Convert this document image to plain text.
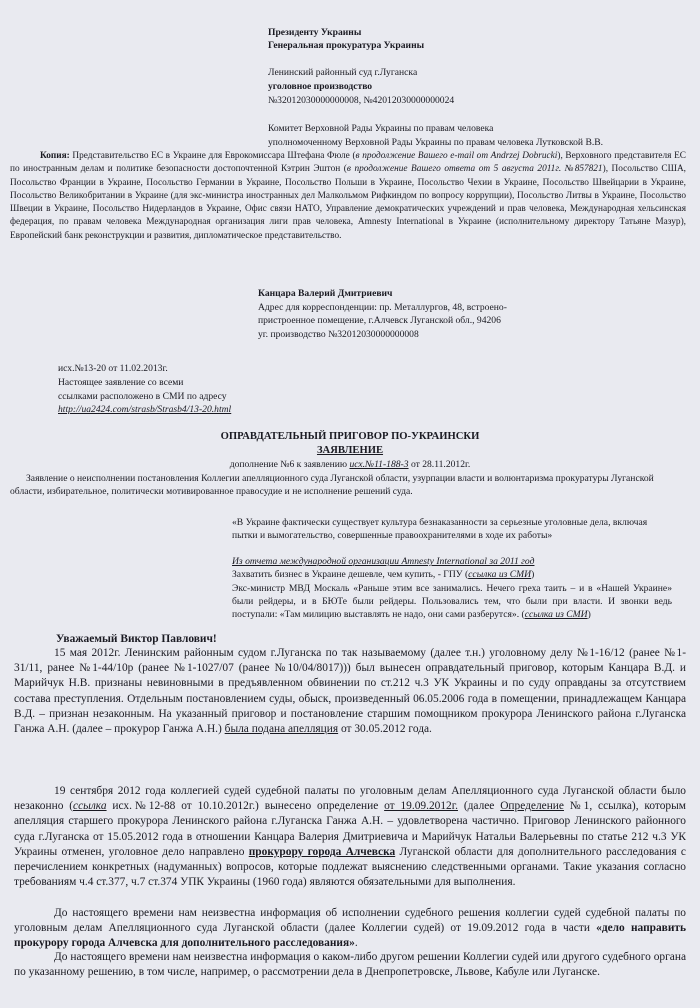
Президенту Украины
Генеральная прокуратура Украины
Ленинский районный суд г.Луганска
уголовное производство
№32012030000000008, №42012030000000024
Комитет Верховной Рады Украины по правам человека
уполномоченному Верховной Рады Украины по правам человека Лутковской В.В.
Копия: Представительство ЕС в Украине для Еврокомиссара Штефана Фюле (в продолжение Вашего e-mail от Andrzej Dobrucki), Верховного представителя ЕС по иностранным делам и политике безопасности достопочтенной Кэтрин Эштон (в продолжение Вашего ответа от 5 августа 2011г. №857821), Посольство США, Посольство Франции в Украине, Посольство Германии в Украине, Посольство Польши в Украине, Посольство Чехии в Украине, Посольство Швейцарии в Украине, Посольство Великобритании в Украине (для экс-министра иностранных дел Малкольмом Рифкиндом по вопросу коррупции), Посольство Литвы в Украине, Посольство Швеции в Украине, Посольство Нидерландов в Украине, Офис связи НАТО, Управление демократических учреждений и прав человека, Международная хельсинская федерация, по правам человека Международная организация лиги прав человека, Amnesty International в Украине (исполнительному директору Татьяне Мазур), Европейский банк реконструкции и развития, дипломатическое представительство.
Канцара Валерий Дмитриевич
Адрес для корреспонденции: пр. Металлургов, 48, встроено-
пристроенное помещение, г.Алчевск Луганской обл., 94206
уг. производство №32012030000000008
исх.№13-20 от 11.02.2013г.
Настоящее заявление со всеми
ссылками расположено в СМИ по адресу
http://ua2424.com/strasb/Strasb4/13-20.html
ОПРАВДАТЕЛЬНЫЙ ПРИГОВОР ПО-УКРАИНСКИ
ЗАЯВЛЕНИЕ
дополнение №6 к заявлению исх.№11-188-3 от 28.11.2012г.
Заявление о неисполнении постановления Коллегии апелляционного суда Луганской области, узурпации власти и волюнтаризма прокуратуры Луганской области, избирательное, политически мотивированное правосудие и не исполнение решений суда.
«В Украине фактически существует культура безнаказанности за серьезные уголовные дела, включая пытки и вымогательство, совершенные правоохранителями в ходе их работы»
Из отчета международной организации Amnesty International за 2011 год
Захватить бизнес в Украине дешевле, чем купить, - ГПУ (ссылка из СМИ)
Экс-министр МВД Москаль «Раньше этим все занимались. Нечего греха таить – и в «Нашей Украине» были рейдеры, и в БЮТе были рейдеры. Пользовались тем, что были при власти. И звонки ведь поступали: «Там милицию выставлять не надо, они сами разберутся». (ссылка из СМИ)
Уважаемый Виктор Павлович!
15 мая 2012г. Ленинским районным судом г.Луганска по так называемому (далее т.н.) уголовному делу №1-16/12 (ранее №1-31/11, ранее №1-44/10р (ранее №1-1027/07 (ранее №10/04/8017))) был вынесен оправдательный приговор, которым Канцара В.Д. и Марийчук Н.В. признаны невиновными в предъявленном обвинении по ст.212 ч.3 УК Украины и по суду оправданы за отсутствием состава преступления. Отдельным постановлением суды, обыск, произведенный 06.05.2006 года в помещении, принадлежащем Канцара В.Д. – признан незаконным. На указанный приговор и постановление старшим помощником прокурора Ленинского района г.Луганска Ганжа А.Н. (далее – прокурор Ганжа А.Н.) была подана апелляция от 30.05.2012 года.
19 сентября 2012 года коллегией судей судебной палаты по уголовным делам Апелляционного суда Луганской области было незаконно (ссылка исх.№12-88 от 10.10.2012г.) вынесено определение от 19.09.2012г. (далее Определение №1, ссылка), которым апелляция старшего прокурора Ленинского района г.Луганска Ганжа А.Н. – удовлетворена частично. Приговор Ленинского районного суда г.Луганска от 15.05.2012 года в отношении Канцара Валерия Дмитриевича и Марийчук Натальи Валерьевны по статье 212 ч.3 УК Украины отменен, уголовное дело направлено прокурору города Алчевска Луганской области для дополнительного расследования с перечислением конкретных (надуманных) вопросов, которые подлежат выяснению следственными органами. Такие указания согласно требованиям ч.4 ст.377, ч.7 ст.374 УПК Украины (1960 года) являются обязательными для выполнения.
До настоящего времени нам неизвестна информация об исполнении судебного решения коллегии судей судебной палаты по уголовным делам Апелляционного суда Луганской области (далее Коллегии судей) от 19.09.2012 года в части «дело направить прокурору города Алчевска для дополнительного расследования».
До настоящего времени нам неизвестна информация о каком-либо другом решении Коллегии судей или другого судебного органа по указанному решению, в том числе, например, о рассмотрении дела в Днепропетровске, Львове, Кабуле или Луганске.
